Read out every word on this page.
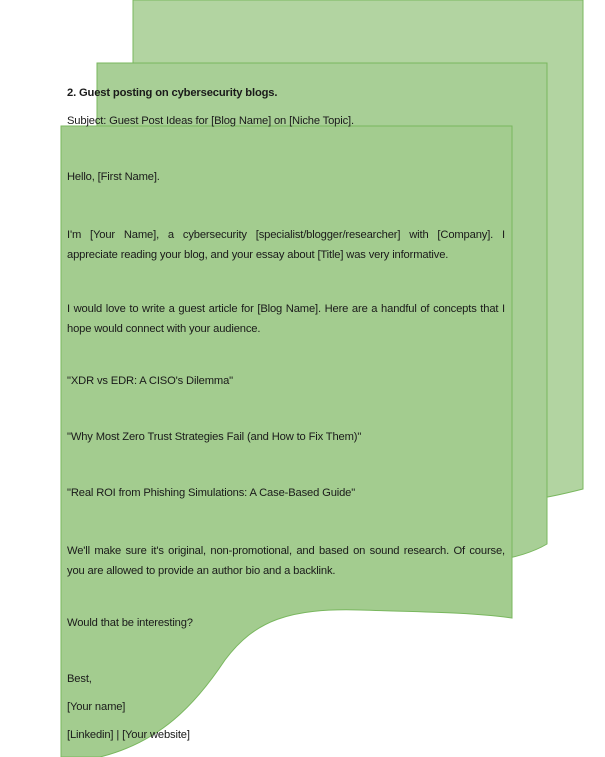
2. Guest posting on cybersecurity blogs.
Subject: Guest Post Ideas for [Blog Name] on [Niche Topic].
Hello, [First Name].
I'm [Your Name], a cybersecurity [specialist/blogger/researcher] with [Company]. I appreciate reading your blog, and your essay about [Title] was very informative.
I would love to write a guest article for [Blog Name]. Here are a handful of concepts that I hope would connect with your audience.
"XDR vs EDR: A CISO's Dilemma"
"Why Most Zero Trust Strategies Fail (and How to Fix Them)"
"Real ROI from Phishing Simulations: A Case-Based Guide"
We'll make sure it's original, non-promotional, and based on sound research. Of course, you are allowed to provide an author bio and a backlink.
Would that be interesting?
Best,
[Your name]
[Linkedin] | [Your website]
